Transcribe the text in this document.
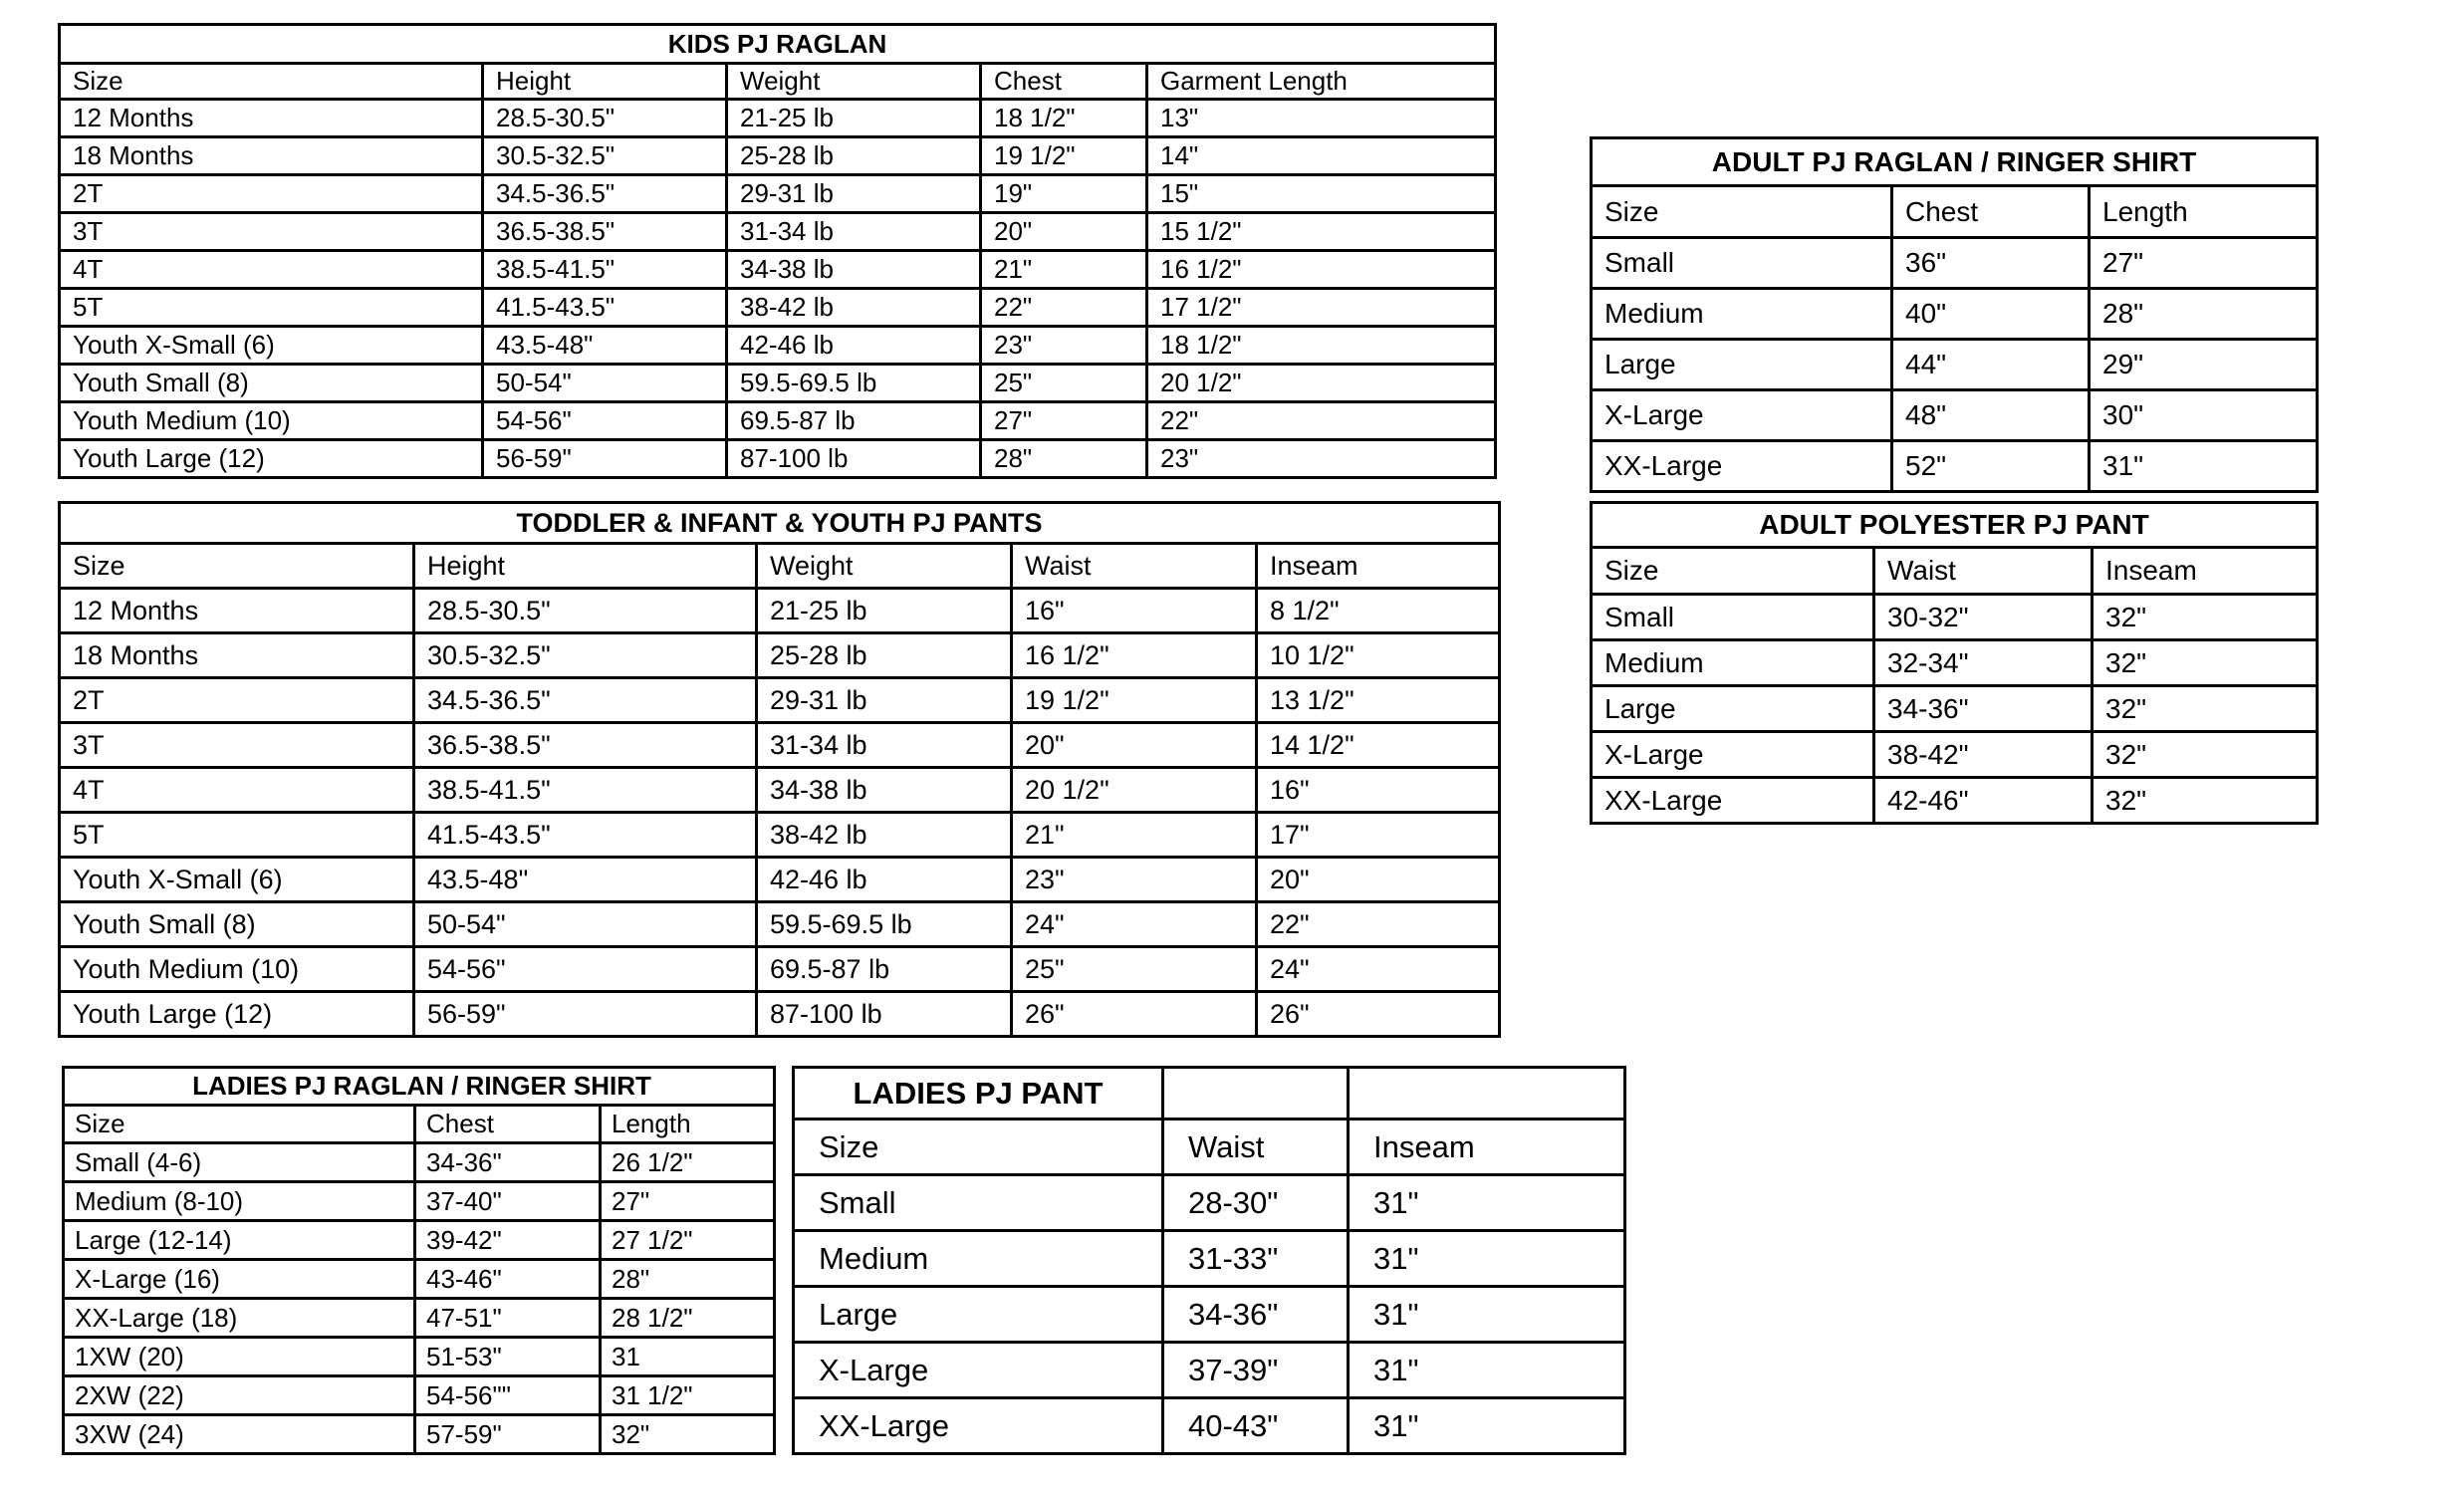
KIDS PJ RAGLAN				
Size	Height	Weight	Chest	Garment Length
12 Months	28.5-30.5"	21-25 lb	18 1/2"	13"
18 Months	30.5-32.5"	25-28 lb	19 1/2"	14"
2T	34.5-36.5"	29-31 lb	19"	15"
3T	36.5-38.5"	31-34 lb	20"	15 1/2"
4T	38.5-41.5"	34-38 lb	21"	16 1/2"
5T	41.5-43.5"	38-42 lb	22"	17 1/2"
Youth X-Small (6)	43.5-48"	42-46 lb	23"	18 1/2"
Youth Small (8)	50-54"	59.5-69.5 lb	25"	20 1/2"
Youth Medium (10)	54-56"	69.5-87 lb	27"	22"
Youth Large (12)	56-59"	87-100 lb	28"	23"
ADULT PJ RAGLAN / RINGER SHIRT		
Size	Chest	Length
Small	36"	27"
Medium	40"	28"
Large	44"	29"
X-Large	48"	30"
XX-Large	52"	31"
TODDLER & INFANT & YOUTH PJ PANTS				
Size	Height	Weight	Waist	Inseam
12 Months	28.5-30.5"	21-25 lb	16"	8 1/2"
18 Months	30.5-32.5"	25-28 lb	16 1/2"	10 1/2"
2T	34.5-36.5"	29-31 lb	19 1/2"	13 1/2"
3T	36.5-38.5"	31-34 lb	20"	14 1/2"
4T	38.5-41.5"	34-38 lb	20 1/2"	16"
5T	41.5-43.5"	38-42 lb	21"	17"
Youth X-Small (6)	43.5-48"	42-46 lb	23"	20"
Youth Small (8)	50-54"	59.5-69.5 lb	24"	22"
Youth Medium (10)	54-56"	69.5-87 lb	25"	24"
Youth Large (12)	56-59"	87-100 lb	26"	26"
ADULT POLYESTER PJ PANT		
Size	Waist	Inseam
Small	30-32"	32"
Medium	32-34"	32"
Large	34-36"	32"
X-Large	38-42"	32"
XX-Large	42-46"	32"
LADIES PJ RAGLAN / RINGER SHIRT		
Size	Chest	Length
Small (4-6)	34-36"	26 1/2"
Medium (8-10)	37-40"	27"
Large (12-14)	39-42"	27 1/2"
X-Large (16)	43-46"	28"
XX-Large (18)	47-51"	28 1/2"
1XW (20)	51-53"	31
2XW (22)	54-56""	31 1/2"
3XW (24)	57-59"	32"
LADIES PJ PANT		
Size	Waist	Inseam
Small	28-30"	31"
Medium	31-33"	31"
Large	34-36"	31"
X-Large	37-39"	31"
XX-Large	40-43"	31"
